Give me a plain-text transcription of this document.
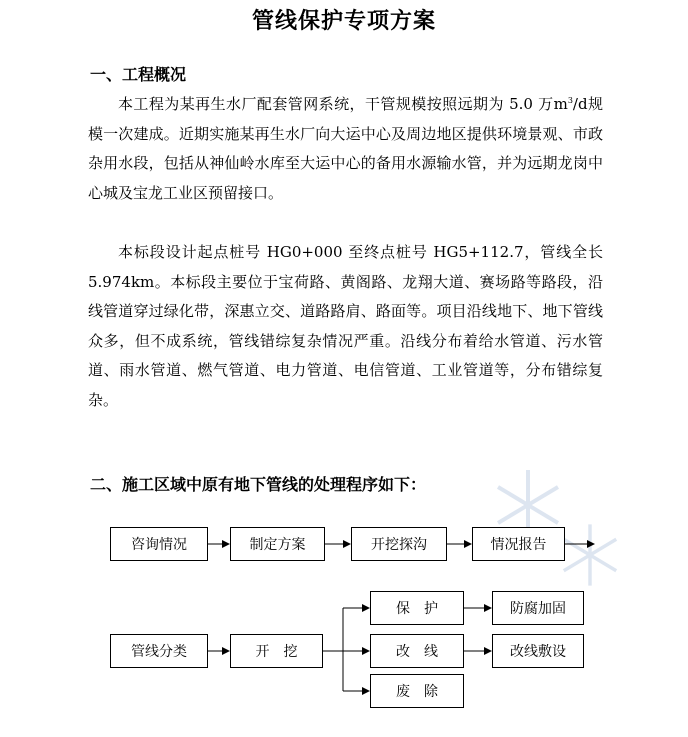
管线保护专项方案
一、工程概况
本工程为某再生水厂配套管网系统，干管规模按照远期为 5.0 万$m^3/d$规模一次建成。近期实施某再生水厂向大运中心及周边地区提供环境景观、市政杂用水段，包括从神仙岭水库至大运中心的备用水源输水管，并为远期龙岗中心城及宝龙工业区预留接口。
本标段设计起点桩号 HG0+000 至终点桩号 HG5+112.7，管线全长 5.974km。本标段主要位于宝荷路、黄阁路、龙翔大道、赛场路等路段，沿线管道穿过绿化带，深惠立交、道路路肩、路面等。项目沿线地下、地下管线众多，但不成系统，管线错综复杂情况严重。沿线分布着给水管道、污水管道、雨水管道、燃气管道、电力管道、电信管道、工业管道等，分布错综复杂。
二、施工区域中原有地下管线的处理程序如下：
咨询情况	制定方案	开挖探沟	情况报告
管线分类	开　挖
保　护
改　线
废　除
防腐加固
改线敷设
